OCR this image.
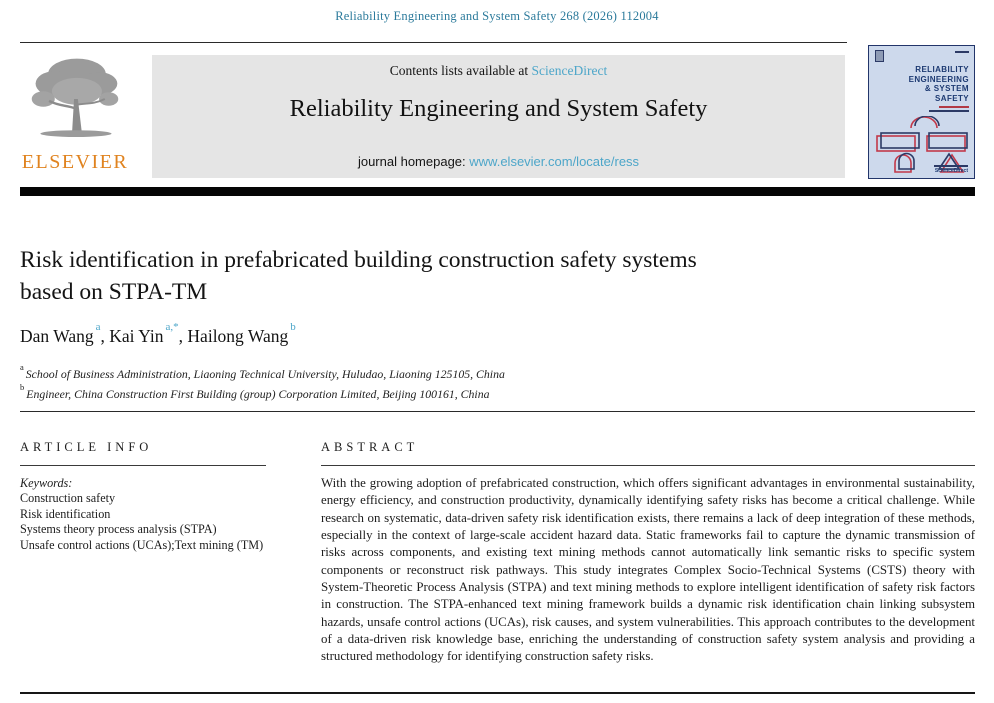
Reliability Engineering and System Safety 268 (2026) 112004
ELSEVIER
Contents lists available at ScienceDirect
Reliability Engineering and System Safety
journal homepage: www.elsevier.com/locate/ress
RELIABILITY
ENGINEERING
& SYSTEM
SAFETY
ScienceDirect
Risk identification in prefabricated building construction safety systems
based on STPA-TM
Dan Wang $^a$, Kai Yin $^{a,*}$, Hailong Wang $^b$
$^a$School of Business Administration, Liaoning Technical University, Huludao, Liaoning 125105, China
$^b$Engineer, China Construction First Building (group) Corporation Limited, Beijing 100161, China
ARTICLE INFO	ABSTRACT
Keywords:
Construction safety
Risk identification
Systems theory process analysis (STPA)
Unsafe control actions (UCAs);Text mining (TM)
With the growing adoption of prefabricated construction, which offers significant advantages in environmental sustainability, energy efficiency, and construction productivity, dynamically identifying safety risks has become a critical challenge. While research on systematic, data-driven safety risk identification exists, there remains a lack of deep integration of these methods, especially in the context of large-scale accident hazard data. Static frameworks fail to capture the dynamic transmission of risks across components, and existing text mining methods cannot automatically link semantic risks to specific system components or reconstruct risk pathways. This study integrates Complex Socio-Technical Systems (CSTS) theory with System-Theoretic Process Analysis (STPA) and text mining methods to explore intelligent identification of safety risk factors in construction. The STPA-enhanced text mining framework builds a dynamic risk identification chain linking subsystem hazards, unsafe control actions (UCAs), risk causes, and system vulnerabilities. This approach contributes to the development of a data-driven risk knowledge base, enriching the understanding of construction safety system analysis and providing a structured methodology for identifying construction safety risks.
